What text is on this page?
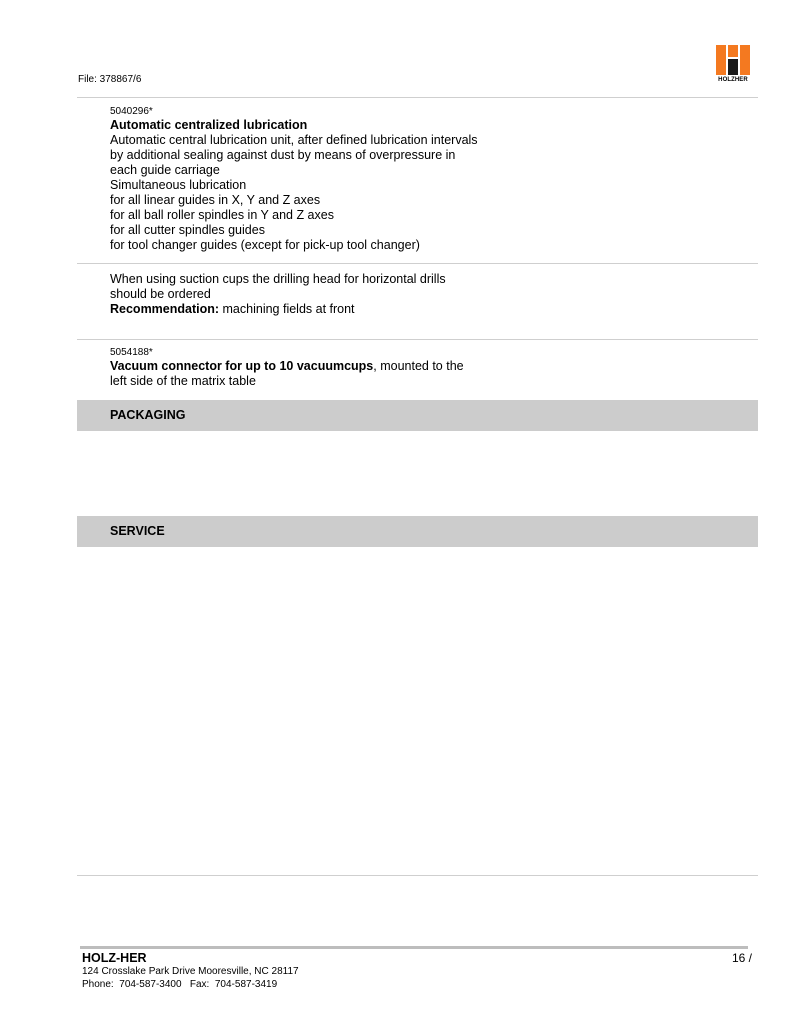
File: 378867/6	HOLZHER
5040296*
Automatic centralized lubrication
Automatic central lubrication unit, after defined lubrication intervals
by additional sealing against dust by means of overpressure in
each guide carriage
Simultaneous lubrication
for all linear guides in X, Y and Z axes
for all ball roller spindles in Y and Z axes
for all cutter spindles guides
for tool changer guides (except for pick-up tool changer)
When using suction cups the drilling head for horizontal drills
should be ordered
Recommendation: machining fields at front
5054188*
Vacuum connector for up to 10 vacuumcups, mounted to the
left side of the matrix table
PACKAGING
SERVICE
HOLZ-HER
124 Crosslake Park Drive Mooresville, NC 28117
Phone:  704-587-3400   Fax:  704-587-3419
16 /
